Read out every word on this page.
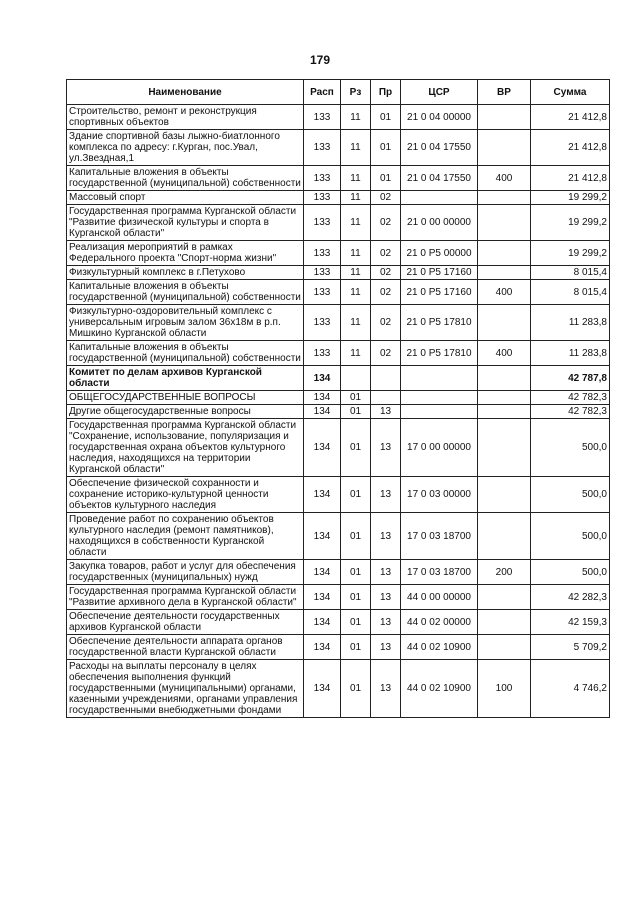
179
Наименование	Расп	Рз	Пр	ЦСР	ВР	Сумма
Строительство, ремонт и реконструкция спортивных объектов	133	11	01	21 0 04 00000		21 412,8
Здание спортивной базы лыжно-биатлонного комплекса по адресу: г.Курган, пос.Увал, ул.Звездная,1	133	11	01	21 0 04 17550		21 412,8
Капитальные вложения в объекты государственной (муниципальной) собственности	133	11	01	21 0 04 17550	400	21 412,8
Массовый спорт	133	11	02			19 299,2
Государственная программа Курганской области "Развитие физической культуры и спорта в Курганской области"	133	11	02	21 0 00 00000		19 299,2
Реализация мероприятий в рамках Федерального проекта "Спорт-норма жизни"	133	11	02	21 0 P5 00000		19 299,2
Физкультурный комплекс в г.Петухово	133	11	02	21 0 P5 17160		8 015,4
Капитальные вложения в объекты государственной (муниципальной) собственности	133	11	02	21 0 P5 17160	400	8 015,4
Физкультурно-оздоровительный комплекс с универсальным игровым залом 36х18м в р.п. Мишкино Курганской области	133	11	02	21 0 P5 17810		11 283,8
Капитальные вложения в объекты государственной (муниципальной) собственности	133	11	02	21 0 P5 17810	400	11 283,8
Комитет по делам архивов Курганской области	134					42 787,8
ОБЩЕГОСУДАРСТВЕННЫЕ ВОПРОСЫ	134	01				42 782,3
Другие общегосударственные вопросы	134	01	13			42 782,3
Государственная программа Курганской области "Сохранение, использование, популяризация и государственная охрана объектов культурного наследия, находящихся на территории Курганской области"	134	01	13	17 0 00 00000		500,0
Обеспечение физической сохранности и сохранение историко-культурной ценности объектов культурного наследия	134	01	13	17 0 03 00000		500,0
Проведение работ по сохранению объектов культурного наследия (ремонт памятников), находящихся в собственности Курганской области	134	01	13	17 0 03 18700		500,0
Закупка товаров, работ и услуг для обеспечения государственных (муниципальных) нужд	134	01	13	17 0 03 18700	200	500,0
Государственная программа Курганской области "Развитие архивного дела в Курганской области"	134	01	13	44 0 00 00000		42 282,3
Обеспечение деятельности государственных архивов Курганской области	134	01	13	44 0 02 00000		42 159,3
Обеспечение деятельности аппарата органов государственной власти Курганской области	134	01	13	44 0 02 10900		5 709,2
Расходы на выплаты персоналу в целях обеспечения выполнения функций государственными (муниципальными) органами, казенными учреждениями, органами управления государственными внебюджетными фондами	134	01	13	44 0 02 10900	100	4 746,2
